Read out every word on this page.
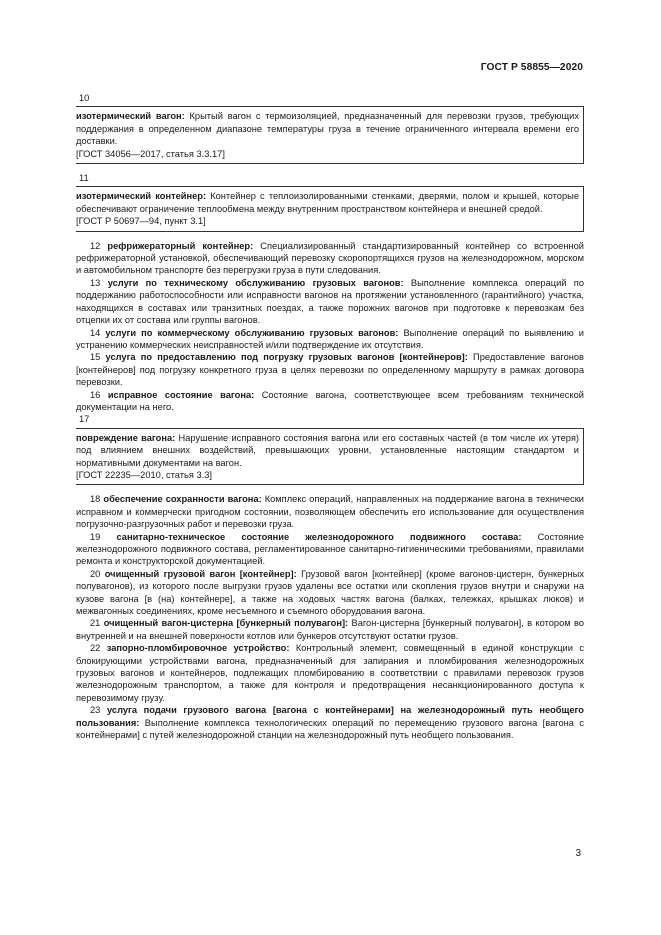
ГОСТ Р 58855—2020

10

изотермический вагон: Крытый вагон с термоизоляцией, предназначенный для перевозки грузов, требующих поддержания в определенном диапазоне температуры груза в течение ограниченного интервала времени его доставки.

[ГОСТ 34056—2017, статья 3.3.17]

11

изотермический контейнер: Контейнер с теплоизолированными стенками, дверями, полом и крышей, которые обеспечивают ограничение теплообмена между внутренним пространством контейнера и внешней средой.

[ГОСТ Р 50697—94, пункт 3.1]

12 рефрижераторный контейнер: Специализированный стандартизированный контейнер со встроенной рефрижераторной установкой, обеспечивающий перевозку скоропортящихся грузов на железнодорожном, морском и автомобильном транспорте без перегрузки груза в пути следования.

13 услуги по техническому обслуживанию грузовых вагонов: Выполнение комплекса операций по поддержанию работоспособности или исправности вагонов на протяжении установленного (гарантийного) участка, находящихся в составах или транзитных поездах, а также порожних вагонов при подготовке к перевозкам без отцепки их от состава или группы вагонов.

14 услуги по коммерческому обслуживанию грузовых вагонов: Выполнение операций по выявлению и устранению коммерческих неисправностей и/или подтверждение их отсутствия.

15 услуга по предоставлению под погрузку грузовых вагонов [контейнеров]: Предоставление вагонов [контейнеров] под погрузку конкретного груза в целях перевозки по определенному маршруту в рамках договора перевозки.

16 исправное состояние вагона: Состояние вагона, соответствующее всем требованиям технической документации на него.

17

повреждение вагона: Нарушение исправного состояния вагона или его составных частей (в том числе их утеря) под влиянием внешних воздействий, превышающих уровни, установленные настоящим стандартом и нормативными документами на вагон.

[ГОСТ 22235—2010, статья 3.3]

18 обеспечение сохранности вагона: Комплекс операций, направленных на поддержание вагона в технически исправном и коммерчески пригодном состоянии, позволяющем обеспечить его использование для осуществления погрузочно-разгрузочных работ и перевозки груза.

19 санитарно-техническое состояние железнодорожного подвижного состава: Состояние железнодорожного подвижного состава, регламентированное санитарно-гигиеническими требованиями, правилами ремонта и конструкторской документацией.

20 очищенный грузовой вагон [контейнер]: Грузовой вагон [контейнер] (кроме вагонов-цистерн, бункерных полувагонов), из которого после выгрузки грузов удалены все остатки или скопления грузов внутри и снаружи на кузове вагона [в (на) контейнере], а также на ходовых частях вагона (балках, тележках, крышках люков) и межвагонных соединениях, кроме несъемного и съемного оборудования вагона.

21 очищенный вагон-цистерна [бункерный полувагон]: Вагон-цистерна [бункерный полувагон], в котором во внутренней и на внешней поверхности котлов или бункеров отсутствуют остатки грузов.

22 запорно-пломбировочное устройство: Контрольный элемент, совмещенный в единой конструкции с блокирующими устройствами вагона, предназначенный для запирания и пломбирования железнодорожных грузовых вагонов и контейнеров, подлежащих пломбированию в соответствии с правилами перевозок грузов железнодорожным транспортом, а также для контроля и предотвращения несанкционированного доступа к перевозимому грузу.

23 услуга подачи грузового вагона [вагона с контейнерами] на железнодорожный путь необщего пользования: Выполнение комплекса технологических операций по перемещению грузового вагона [вагона с контейнерами] с путей железнодорожной станции на железнодорожный путь необщего пользования.

3
